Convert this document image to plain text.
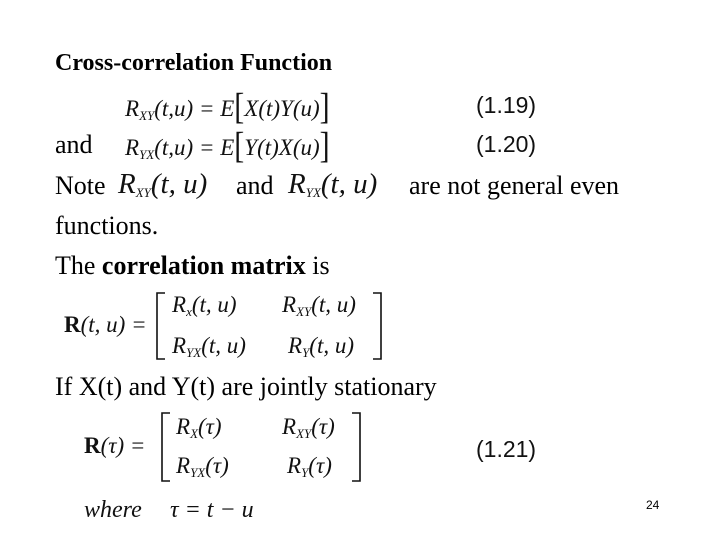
Cross-correlation Function
$R_{XY}(t,u) = E[X(t)Y(u)]$	(1.19)
and $R_{YX}(t,u) = E[Y(t)X(u)]$	(1.20)
Note $R_{XY}(t$, u) and $R_{YX}(t$, u) are not general even
functions.
The correlation matrix is
R(t, u) =
$R_x(t$, u) $R_{XY}(t$, u)
$R_{YX}(t$, u) $R_Y(t$, u)
If X(t) and Y(t) are jointly stationary
R(τ) =
$R_X(\tau)$	$R_{XY}(\tau)$
$R_{YX}(\tau)$	$R_Y(\tau)$
(1.21)
where τ = t − u	24
